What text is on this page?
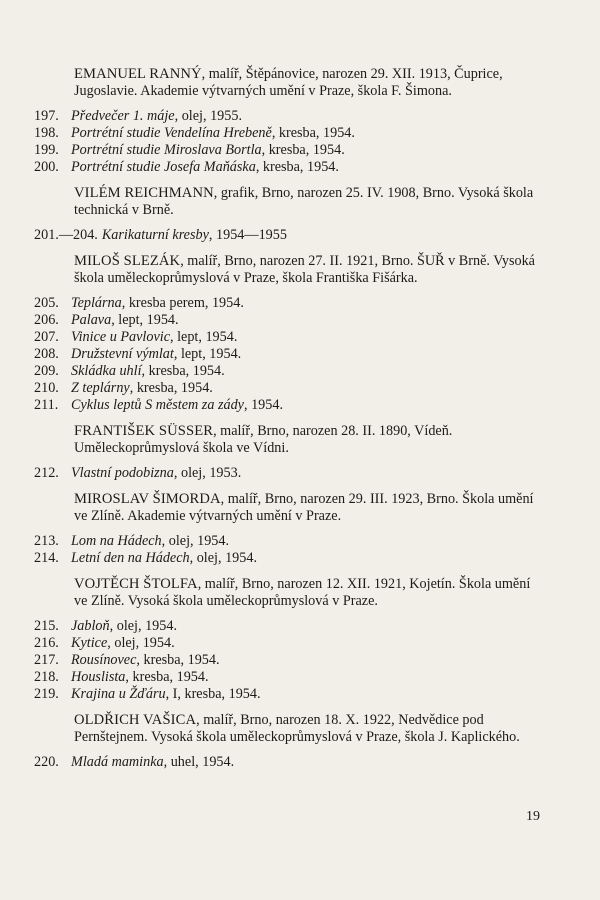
EMANUEL RANNÝ, malíř, Štěpánovice, narozen 29. XII. 1913, Čuprice, Jugoslavie. Akademie výtvarných umění v Praze, škola F. Šimona.
197. Předvečer 1. máje, olej, 1955.
198. Portrétní studie Vendelína Hrebeně, kresba, 1954.
199. Portrétní studie Miroslava Bortla, kresba, 1954.
200. Portrétní studie Josefa Maňáska, kresba, 1954.
VILÉM REICHMANN, grafik, Brno, narozen 25. IV. 1908, Brno. Vysoká škola technická v Brně.
201.—204. Karikaturní kresby, 1954—1955
MILOŠ SLEZÁK, malíř, Brno, narozen 27. II. 1921, Brno. ŠUŘ v Brně. Vysoká škola uměleckoprůmyslová v Praze, škola Františka Fišárka.
205. Teplárna, kresba perem, 1954.
206. Palava, lept, 1954.
207. Vinice u Pavlovic, lept, 1954.
208. Družstevní výmlat, lept, 1954.
209. Skládka uhlí, kresba, 1954.
210. Z teplárny, kresba, 1954.
211. Cyklus leptů S městem za zády, 1954.
FRANTIŠEK SÜSSER, malíř, Brno, narozen 28. II. 1890, Vídeň. Uměleckoprůmyslová škola ve Vídni.
212. Vlastní podobizna, olej, 1953.
MIROSLAV ŠIMORDA, malíř, Brno, narozen 29. III. 1923, Brno. Škola umění ve Zlíně. Akademie výtvarných umění v Praze.
213. Lom na Hádech, olej, 1954.
214. Letní den na Hádech, olej, 1954.
VOJTĚCH ŠTOLFA, malíř, Brno, narozen 12. XII. 1921, Kojetín. Škola umění ve Zlíně. Vysoká škola uměleckoprůmyslová v Praze.
215. Jabloň, olej, 1954.
216. Kytice, olej, 1954.
217. Rousínovec, kresba, 1954.
218. Houslista, kresba, 1954.
219. Krajina u Žďáru, I, kresba, 1954.
OLDŘICH VAŠICA, malíř, Brno, narozen 18. X. 1922, Nedvědice pod Pernštejnem. Vysoká škola uměleckoprůmyslová v Praze, škola J. Kaplického.
220. Mladá maminka, uhel, 1954.
19
